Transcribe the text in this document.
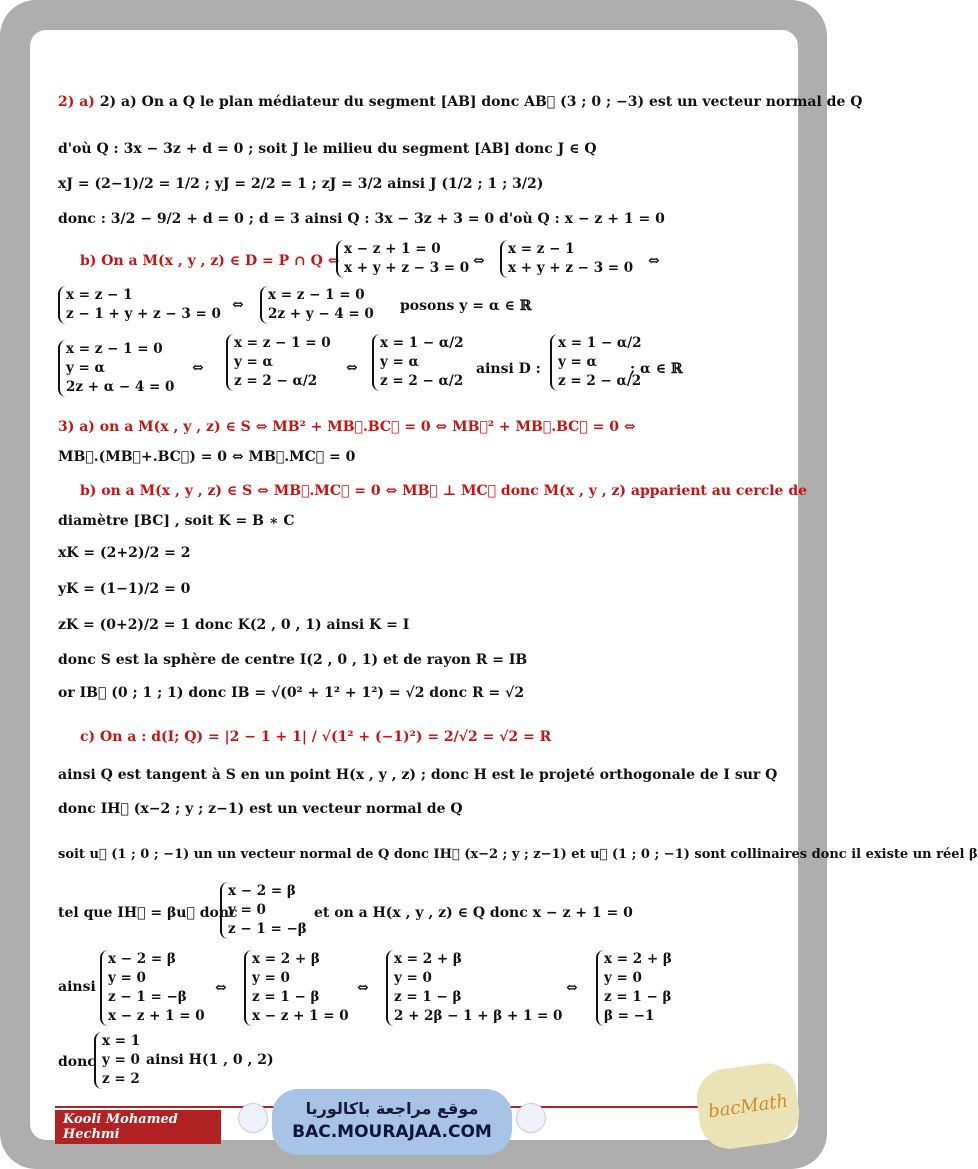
2) a) 2) a) On a Q le plan médiateur du segment [AB] donc AB⃗ (3 ; 0 ; −3) est un vecteur normal de Q
d'où Q : 3x − 3z + d = 0 ; soit J le milieu du segment [AB] donc J ∈ Q
xJ = (2−1)/2 = 1/2 ; yJ = 2/2 = 1 ; zJ = 3/2 ainsi J (1/2 ; 1 ; 3/2)
donc : 3/2 − 9/2 + d = 0 ; d = 3 ainsi Q : 3x − 3z + 3 = 0 d'où Q : x − z + 1 = 0
b) On a M(x , y , z) ∈ D = P ∩ Q ⇔
x − z + 1 = 0
x + y + z − 3 = 0 ⇔
x = z − 1
x + y + z − 3 = 0 ⇔
x = z − 1
z − 1 + y + z − 3 = 0
⇔
x = z − 1 = 0
2z + y − 4 = 0 posons y = α ∈ ℝ
x = z − 1 = 0
y = α
2z + α − 4 = 0
⇔
x = z − 1 = 0
y = α
z = 2 − α/2
⇔
x = 1 − α/2
y = α
z = 2 − α/2
ainsi D :
x = 1 − α/2
y = α
z = 2 − α/2
; α ∈ ℝ
3) a) on a M(x , y , z) ∈ S ⇔ MB² + MB⃗.BC⃗ = 0 ⇔ MB⃗² + MB⃗.BC⃗ = 0 ⇔
MB⃗.(MB⃗+.BC⃗) = 0 ⇔ MB⃗.MC⃗ = 0
b) on a M(x , y , z) ∈ S ⇔ MB⃗.MC⃗ = 0 ⇔ MB⃗ ⊥ MC⃗ donc M(x , y , z) apparient au cercle de
diamètre [BC] , soit K = B ∗ C
xK = (2+2)/2 = 2
yK = (1−1)/2 = 0
zK = (0+2)/2 = 1 donc K(2 , 0 , 1) ainsi K = I
donc S est la sphère de centre I(2 , 0 , 1) et de rayon R = IB
or IB⃗ (0 ; 1 ; 1) donc IB = √(0² + 1² + 1²) = √2 donc R = √2
c) On a : d(I; Q) = |2 − 1 + 1| / √(1² + (−1)²) = 2/√2 = √2 = R
ainsi Q est tangent à S en un point H(x , y , z) ; donc H est le projeté orthogonale de I sur Q
donc IH⃗ (x−2 ; y ; z−1) est un vecteur normal de Q
soit u⃗ (1 ; 0 ; −1) un un vecteur normal de Q donc IH⃗ (x−2 ; y ; z−1) et u⃗ (1 ; 0 ; −1) sont collinaires donc il existe un réel β
tel que IH⃗ = βu⃗ donc
x − 2 = β
y = 0
z − 1 = −β
et on a H(x , y , z) ∈ Q donc x − z + 1 = 0
ainsi
x − 2 = β
y = 0
z − 1 = −β
x − z + 1 = 0
⇔
x = 2 + β
y = 0
z = 1 − β
x − z + 1 = 0
⇔
x = 2 + β
y = 0
z = 1 − β
2 + 2β − 1 + β + 1 = 0
⇔
x = 2 + β
y = 0
z = 1 − β
β = −1
donc
x = 1
y = 0
z = 2
ainsi H(1 , 0 , 2)
Kooli Mohamed Hechmi
موقع مراجعة باكالوريا
BAC.MOURAJAA.COM
bacMath
